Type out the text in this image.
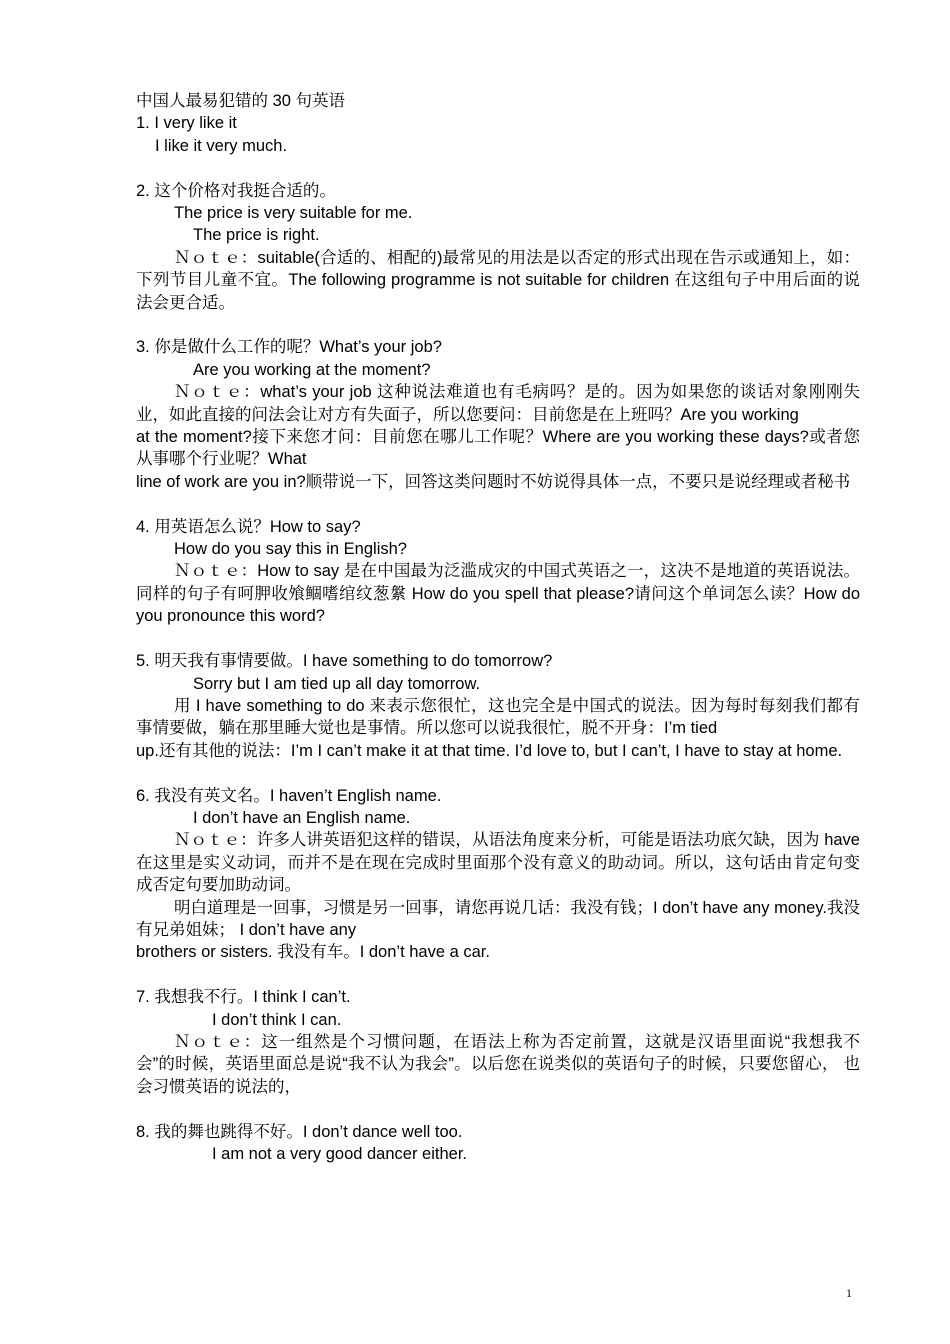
中国人最易犯错的 30 句英语
1. I very like it
I like it very much.
2. 这个价格对我挺合适的。
The price is very suitable for me.
The price is right.
Ｎｏｔｅ：suitable(合适的、相配的)最常见的用法是以否定的形式出现在告示或通知上，如：下列节目儿童不宜。The following programme is not suitable for children 在这组句子中用后面的说法会更合适。
3. 你是做什么工作的呢？What’s your job?
Are you working at the moment?
Ｎｏｔｅ：what’s your job 这种说法难道也有毛病吗？是的。因为如果您的谈话对象刚刚失业，如此直接的问法会让对方有失面子，所以您要问：目前您是在上班吗？Are you working
at the moment?接下来您才问：目前您在哪儿工作呢？Where are you working these days?或者您从事哪个行业呢？What
line of work are you in?顺带说一下，回答这类问题时不妨说得具体一点，不要只是说经理或者秘书
4. 用英语怎么说？How to say?
How do you say this in English?
Ｎｏｔｅ：How to say 是在中国最为泛滥成灾的中国式英语之一，这决不是地道的英语说法。同样的句子有呵胛收飧鲴嗜绾纹葱縏 How do you spell that please?请问这个单词怎么读？How do you pronounce this word?
5. 明天我有事情要做。I have something to do tomorrow?
Sorry but I am tied up all day tomorrow.
用 I have something to do 来表示您很忙，这也完全是中国式的说法。因为每时每刻我们都有事情要做，躺在那里睡大觉也是事情。所以您可以说我很忙，脱不开身：I’m tied
up.还有其他的说法：I’m I can’t make it at that time. I’d love to, but I can’t, I have to stay at home.
6. 我没有英文名。I haven’t English name.
I don’t have an English name.
Ｎｏｔｅ：许多人讲英语犯这样的错误，从语法角度来分析，可能是语法功底欠缺，因为 have 在这里是实义动词，而并不是在现在完成时里面那个没有意义的助动词。所以，这句话由肯定句变成否定句要加助动词。
明白道理是一回事，习惯是另一回事，请您再说几话：我没有钱；I don’t have any money.我没有兄弟姐妹； I don’t have any
brothers or sisters. 我没有车。I don’t have a car.
7. 我想我不行。I think I can’t.
I don’t think I can.
Ｎｏｔｅ：这一组然是个习惯问题，在语法上称为否定前置，这就是汉语里面说“我想我不会”的时候，英语里面总是说“我不认为我会”。以后您在说类似的英语句子的时候，只要您留心， 也会习惯英语的说法的，
8. 我的舞也跳得不好。I don’t dance well too.
I am not a very good dancer either.
1
